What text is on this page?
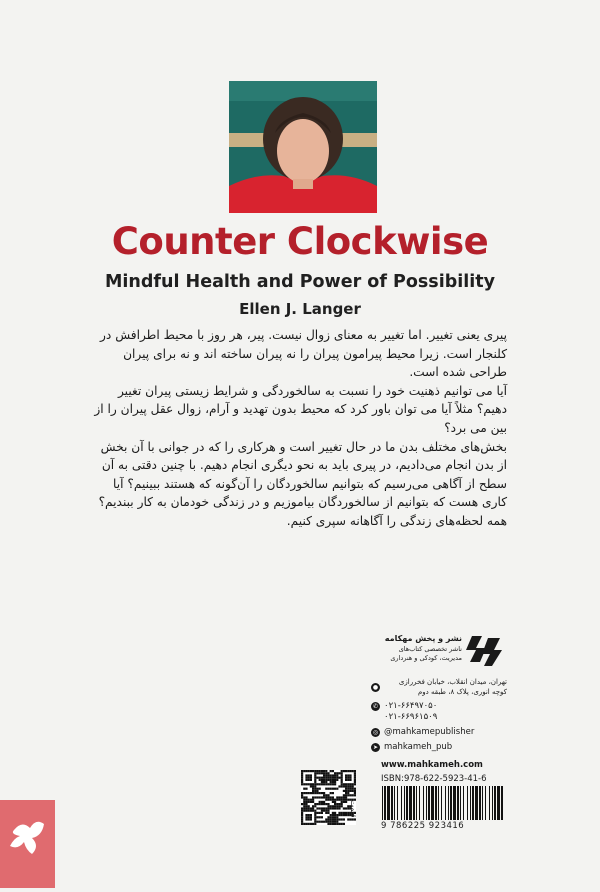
Counter Clockwise
Mindful Health and Power of Possibility
Ellen J. Langer

پیری یعنی تغییر. اما تغییر به معنای زوال نیست. پیر، هر روز با محیط اطرافش در کلنجار است. زیرا محیط پیرامون پیران را نه پیران ساخته اند و نه برای پیران طراحی شده است.

آیا می توانیم ذهنیت خود را نسبت به سالخوردگی و شرایط زیستی پیران تغییر دهیم؟ مثلاً آیا می توان باور کرد که محیط بدون تهدید و آرام، زوال عقل پیران را از بین می برد؟

بخش‌های مختلف بدن ما در حال تغییر است و هرکاری را که در جوانی با آن بخش از بدن انجام می‌دادیم، در پیری باید به نحو دیگری انجام دهیم. با چنین دقتی به آن سطح از آگاهی می‌رسیم که بتوانیم سالخوردگان را آن‌گونه که هستند ببینیم؟ آیا کاری هست که بتوانیم از سالخوردگان بیاموزیم و در زندگی خودمان به کار ببندیم؟

همه لحظه‌های زندگی را آگاهانه سپری کنیم.

نشر و پخش مهکامه
ناشر تخصصی کتاب‌های مدیریت، کودکی و هنرداری
●
تهران، میدان انقلاب، خیابان فخررازی کوچه انوری، پلاک ۸، طبقه دوم
✆ ۰۲۱-۶۶۴۹۷۰۵۰
۰۲۱-۶۶۹۶۱۵۰۹
◎ @mahkamepublisher
➤ mahkameh_pub
www.mahkameh.com
ISBN:978-622-5923-41-6
9 786225 923416
قیمت
